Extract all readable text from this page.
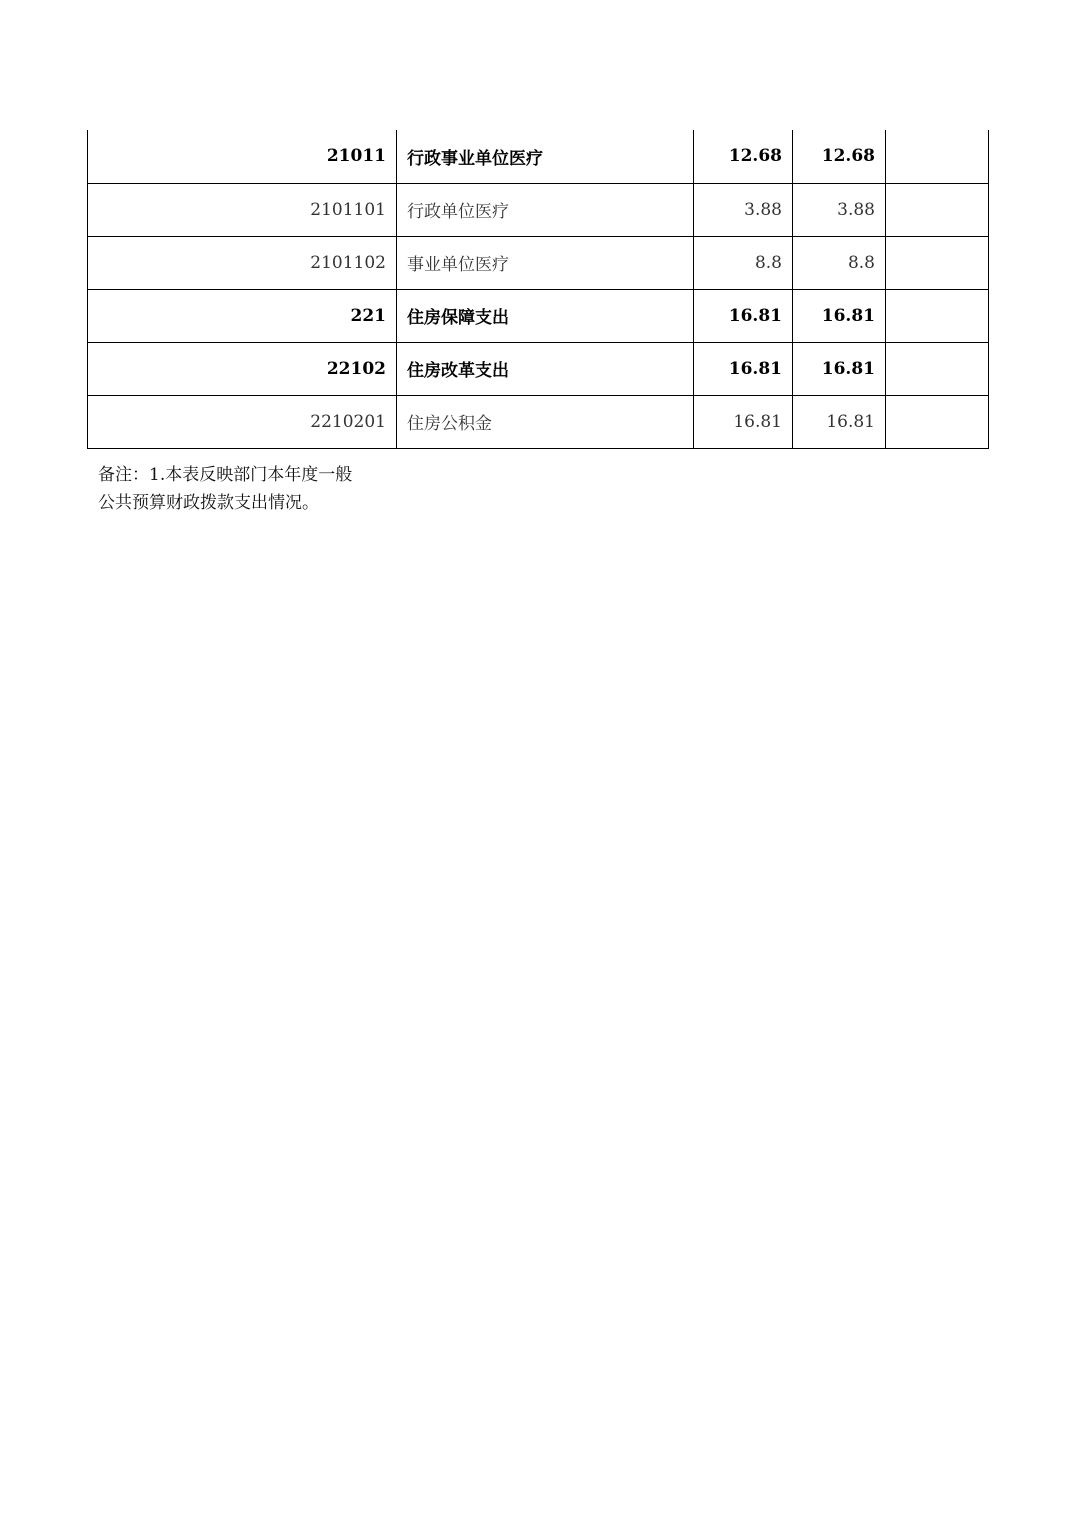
21011	行政事业单位医疗	12.68	12.68	
2101101	行政单位医疗	3.88	3.88	
2101102	事业单位医疗	8.8	8.8	
221	住房保障支出	16.81	16.81	
22102	住房改革支出	16.81	16.81	
2210201	住房公积金	16.81	16.81	
备注：1.本表反映部门本年度一般
公共预算财政拨款支出情况。
